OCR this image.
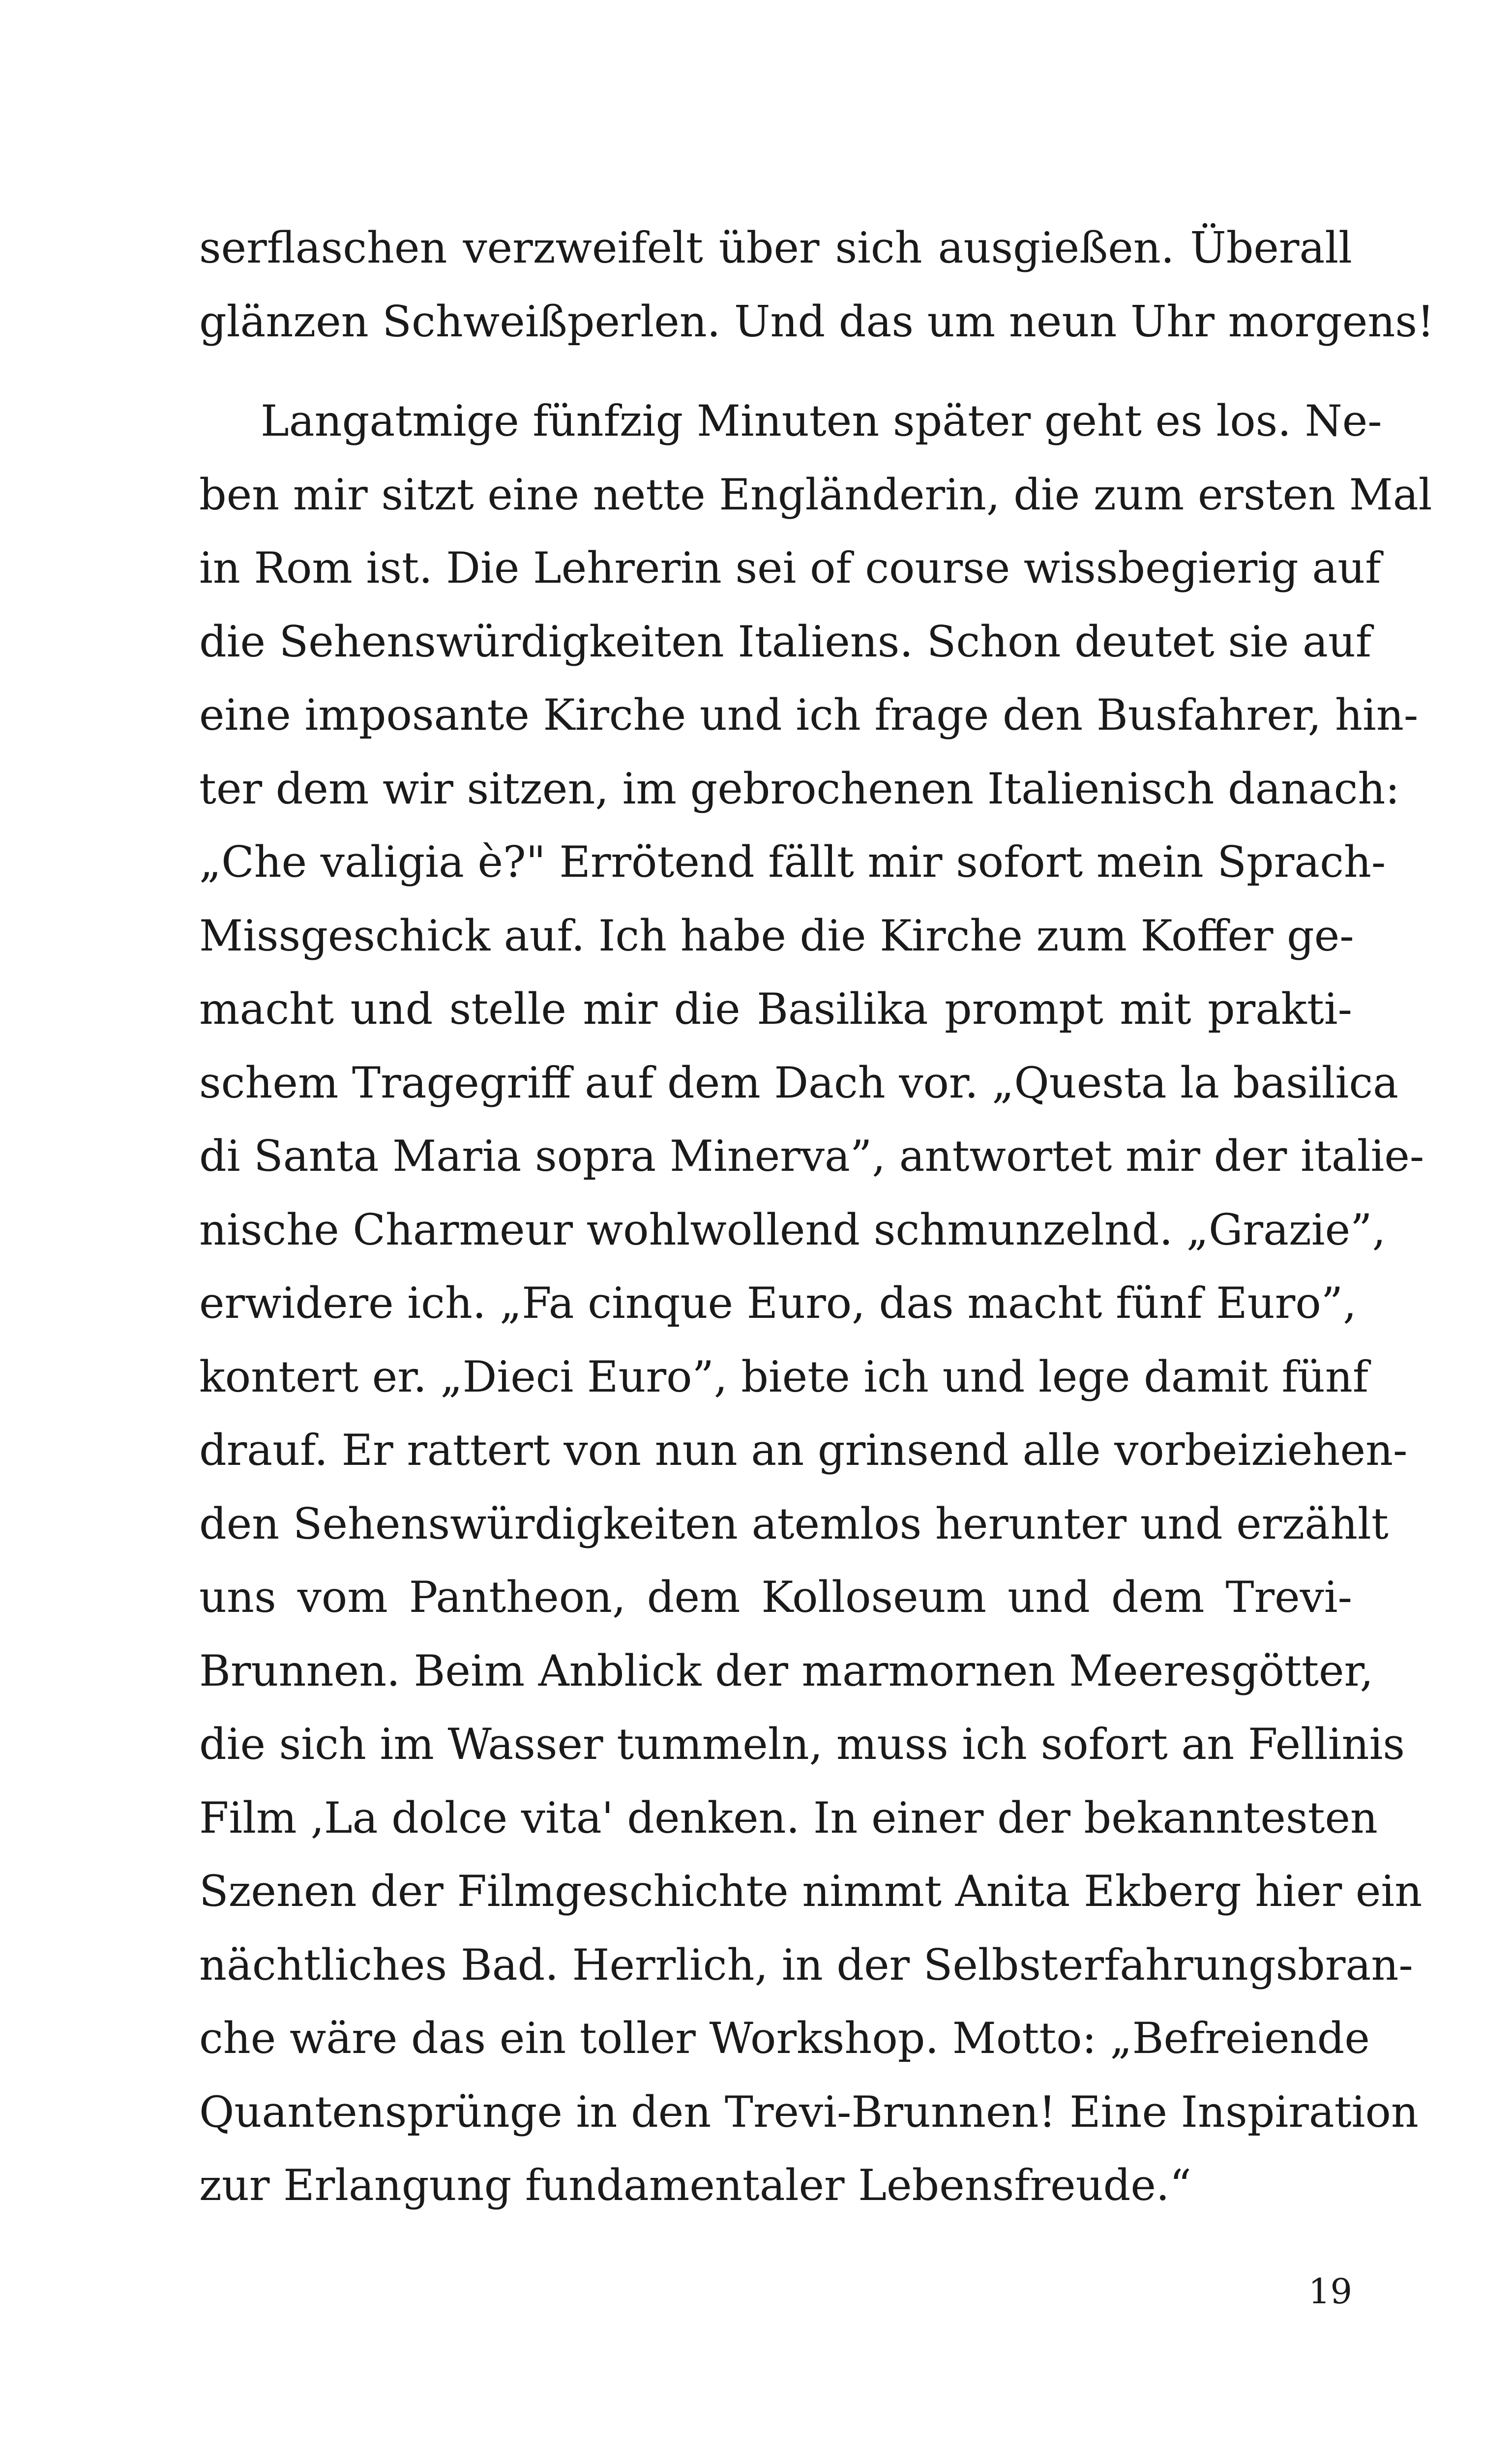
serflaschen verzweifelt über sich ausgießen. Überall
glänzen Schweißperlen. Und das um neun Uhr morgens!
Langatmige fünfzig Minuten später geht es los. Ne-
ben mir sitzt eine nette Engländerin, die zum ersten Mal
in Rom ist. Die Lehrerin sei of course wissbegierig auf
die Sehenswürdigkeiten Italiens. Schon deutet sie auf
eine imposante Kirche und ich frage den Busfahrer, hin-
ter dem wir sitzen, im gebrochenen Italienisch danach:
„Che valigia è?" Errötend fällt mir sofort mein Sprach-
Missgeschick auf. Ich habe die Kirche zum Koffer ge-
macht und stelle mir die Basilika prompt mit prakti-
schem Tragegriff auf dem Dach vor. „Questa la basilica
di Santa Maria sopra Minerva”, antwortet mir der italie-
nische Charmeur wohlwollend schmunzelnd. „Grazie”,
erwidere ich. „Fa cinque Euro, das macht fünf Euro”,
kontert er. „Dieci Euro”, biete ich und lege damit fünf
drauf. Er rattert von nun an grinsend alle vorbeiziehen-
den Sehenswürdigkeiten atemlos herunter und erzählt
uns vom Pantheon, dem Kolloseum und dem Trevi-
Brunnen. Beim Anblick der marmornen Meeresgötter,
die sich im Wasser tummeln, muss ich sofort an Fellinis
Film ‚La dolce vita' denken. In einer der bekanntesten
Szenen der Filmgeschichte nimmt Anita Ekberg hier ein
nächtliches Bad. Herrlich, in der Selbsterfahrungsbran-
che wäre das ein toller Workshop. Motto: „Befreiende
Quantensprünge in den Trevi-Brunnen! Eine Inspiration
zur Erlangung fundamentaler Lebensfreude.“
19
